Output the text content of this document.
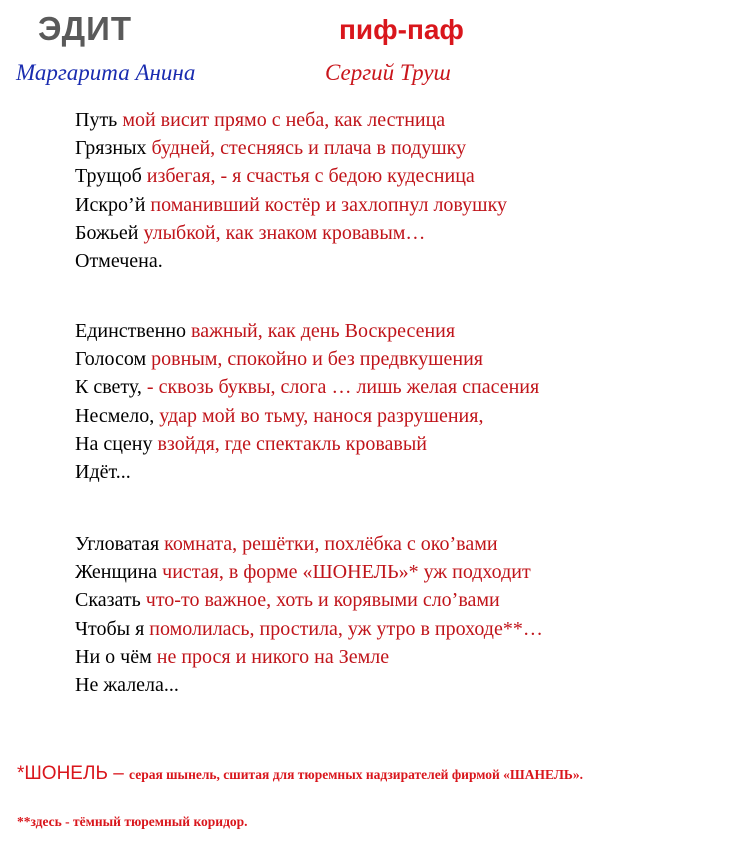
ЭДИТ	пиф-паф
Маргарита Анина	Сергий Труш
Путь мой висит прямо с неба, как лестница
Грязных будней, стесняясь и плача в подушку
Трущоб избегая, - я счастья с бедою кудесница
Искро’й поманивший костёр и захлопнул ловушку
Божьей улыбкой, как знаком кровавым…
Отмечена.
Единственно важный, как день Воскресения
Голосом ровным, спокойно и без предвкушения
К свету, - сквозь буквы, слога … лишь желая спасения
Несмело, удар мой во тьму, нанося разрушения,
На сцену взойдя, где спектакль кровавый
Идёт...
Угловатая комната, решётки, похлёбка с око’вами
Женщина чистая, в форме «ШОНЕЛЬ»* уж подходит
Сказать что-то важное, хоть и корявыми сло’вами
Чтобы я помолилась, простила, уж утро в проходе**…
Ни о чём не прося и никого на Земле
Не жалела...
*ШОНЕЛЬ – серая шынель, сшитая для тюремных надзирателей фирмой «ШАНЕЛЬ».
**здесь - тёмный тюремный коридор.
